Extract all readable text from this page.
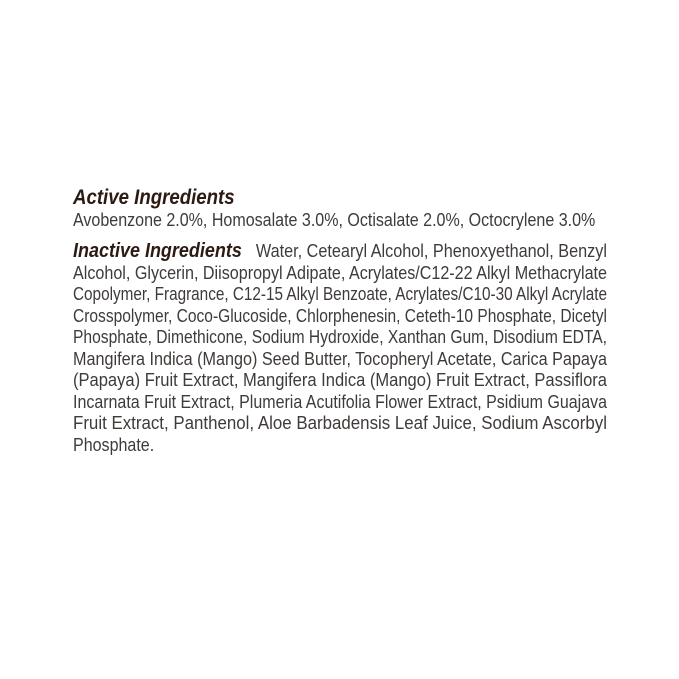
Active Ingredients
Avobenzone 2.0%, Homosalate 3.0%, Octisalate 2.0%, Octocrylene 3.0%
Inactive Ingredients Water, Cetearyl Alcohol, Phenoxyethanol, Benzyl
Alcohol, Glycerin, Diisopropyl Adipate, Acrylates/C12-22 Alkyl Methacrylate
Copolymer, Fragrance, C12-15 Alkyl Benzoate, Acrylates/C10-30 Alkyl Acrylate
Crosspolymer, Coco-Glucoside, Chlorphenesin, Ceteth-10 Phosphate, Dicetyl
Phosphate, Dimethicone, Sodium Hydroxide, Xanthan Gum, Disodium EDTA,
Mangifera Indica (Mango) Seed Butter, Tocopheryl Acetate, Carica Papaya
(Papaya) Fruit Extract, Mangifera Indica (Mango) Fruit Extract, Passiflora
Incarnata Fruit Extract, Plumeria Acutifolia Flower Extract, Psidium Guajava
Fruit Extract, Panthenol, Aloe Barbadensis Leaf Juice, Sodium Ascorbyl
Phosphate.
